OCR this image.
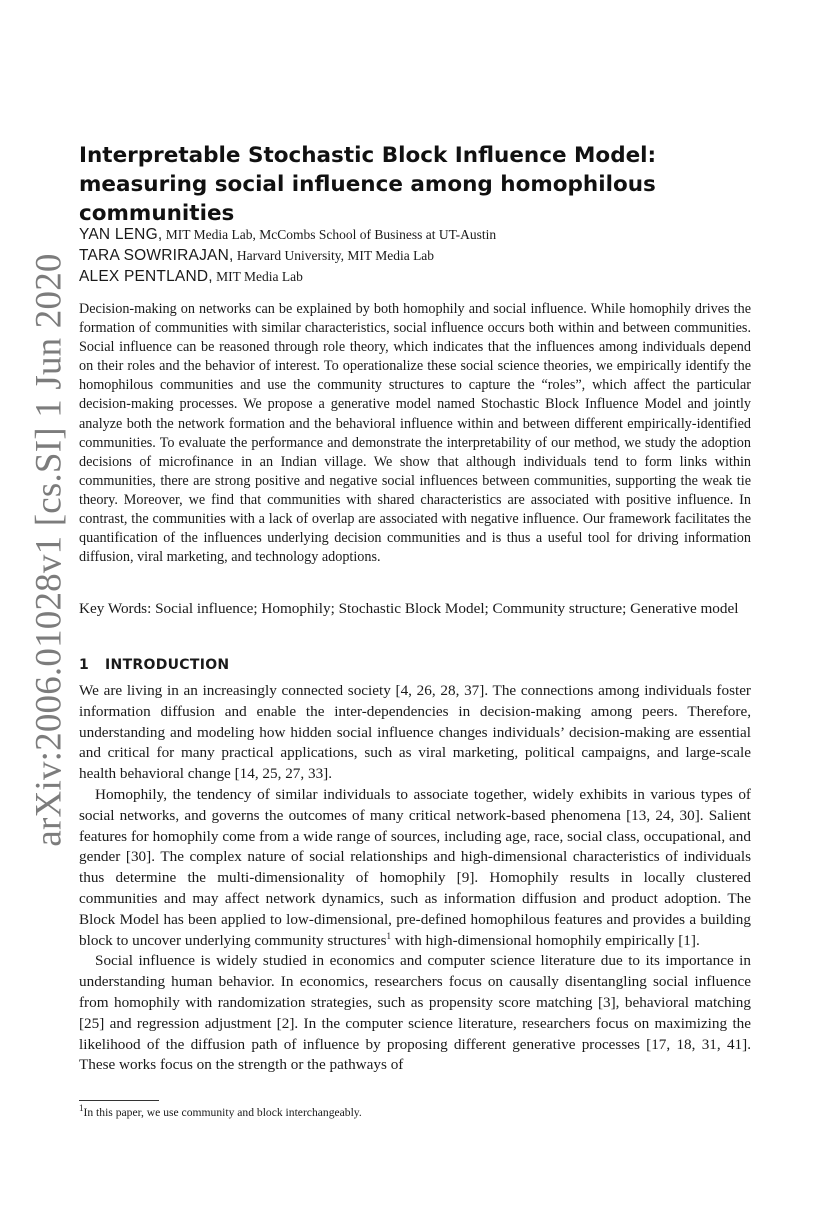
arXiv:2006.01028v1 [cs.SI] 1 Jun 2020
Interpretable Stochastic Block Influence Model: measuring social influence among homophilous communities
YAN LENG, MIT Media Lab, McCombs School of Business at UT-Austin
TARA SOWRIRAJAN, Harvard University, MIT Media Lab
ALEX PENTLAND, MIT Media Lab

Decision-making on networks can be explained by both homophily and social influence. While homophily drives the formation of communities with similar characteristics, social influence occurs both within and between communities. Social influence can be reasoned through role theory, which indicates that the influences among individuals depend on their roles and the behavior of interest. To operationalize these social science theories, we empirically identify the homophilous communities and use the community structures to capture the “roles”, which affect the particular decision-making processes. We propose a generative model named Stochastic Block Influence Model and jointly analyze both the network formation and the behavioral influence within and between different empirically-identified communities. To evaluate the performance and demonstrate the interpretability of our method, we study the adoption decisions of microfinance in an Indian village. We show that although individuals tend to form links within communities, there are strong positive and negative social influences between communities, supporting the weak tie theory. Moreover, we find that communities with shared characteristics are associated with positive influence. In contrast, the communities with a lack of overlap are associated with negative influence. Our framework facilitates the quantification of the influences underlying decision communities and is thus a useful tool for driving information diffusion, viral marketing, and technology adoptions.

Key Words: Social influence; Homophily; Stochastic Block Model; Community structure; Generative model

1 INTRODUCTION

We are living in an increasingly connected society [4, 26, 28, 37]. The connections among individuals foster information diffusion and enable the inter-dependencies in decision-making among peers. Therefore, understanding and modeling how hidden social influence changes individuals’ decision-making are essential and critical for many practical applications, such as viral marketing, political campaigns, and large-scale health behavioral change [14, 25, 27, 33].

Homophily, the tendency of similar individuals to associate together, widely exhibits in various types of social networks, and governs the outcomes of many critical network-based phenomena [13, 24, 30]. Salient features for homophily come from a wide range of sources, including age, race, social class, occupational, and gender [30]. The complex nature of social relationships and high-dimensional characteristics of individuals thus determine the multi-dimensionality of homophily [9]. Homophily results in locally clustered communities and may affect network dynamics, such as information diffusion and product adoption. The Block Model has been applied to low-dimensional, pre-defined homophilous features and provides a building block to uncover underlying community structures$^1$ with high-dimensional homophily empirically [1].

Social influence is widely studied in economics and computer science literature due to its importance in understanding human behavior. In economics, researchers focus on causally disentangling social influence from homophily with randomization strategies, such as propensity score matching [3], behavioral matching [25] and regression adjustment [2]. In the computer science literature, researchers focus on maximizing the likelihood of the diffusion path of influence by proposing different generative processes [17, 18, 31, 41]. These works focus on the strength or the pathways of

$^1$In this paper, we use community and block interchangeably.
